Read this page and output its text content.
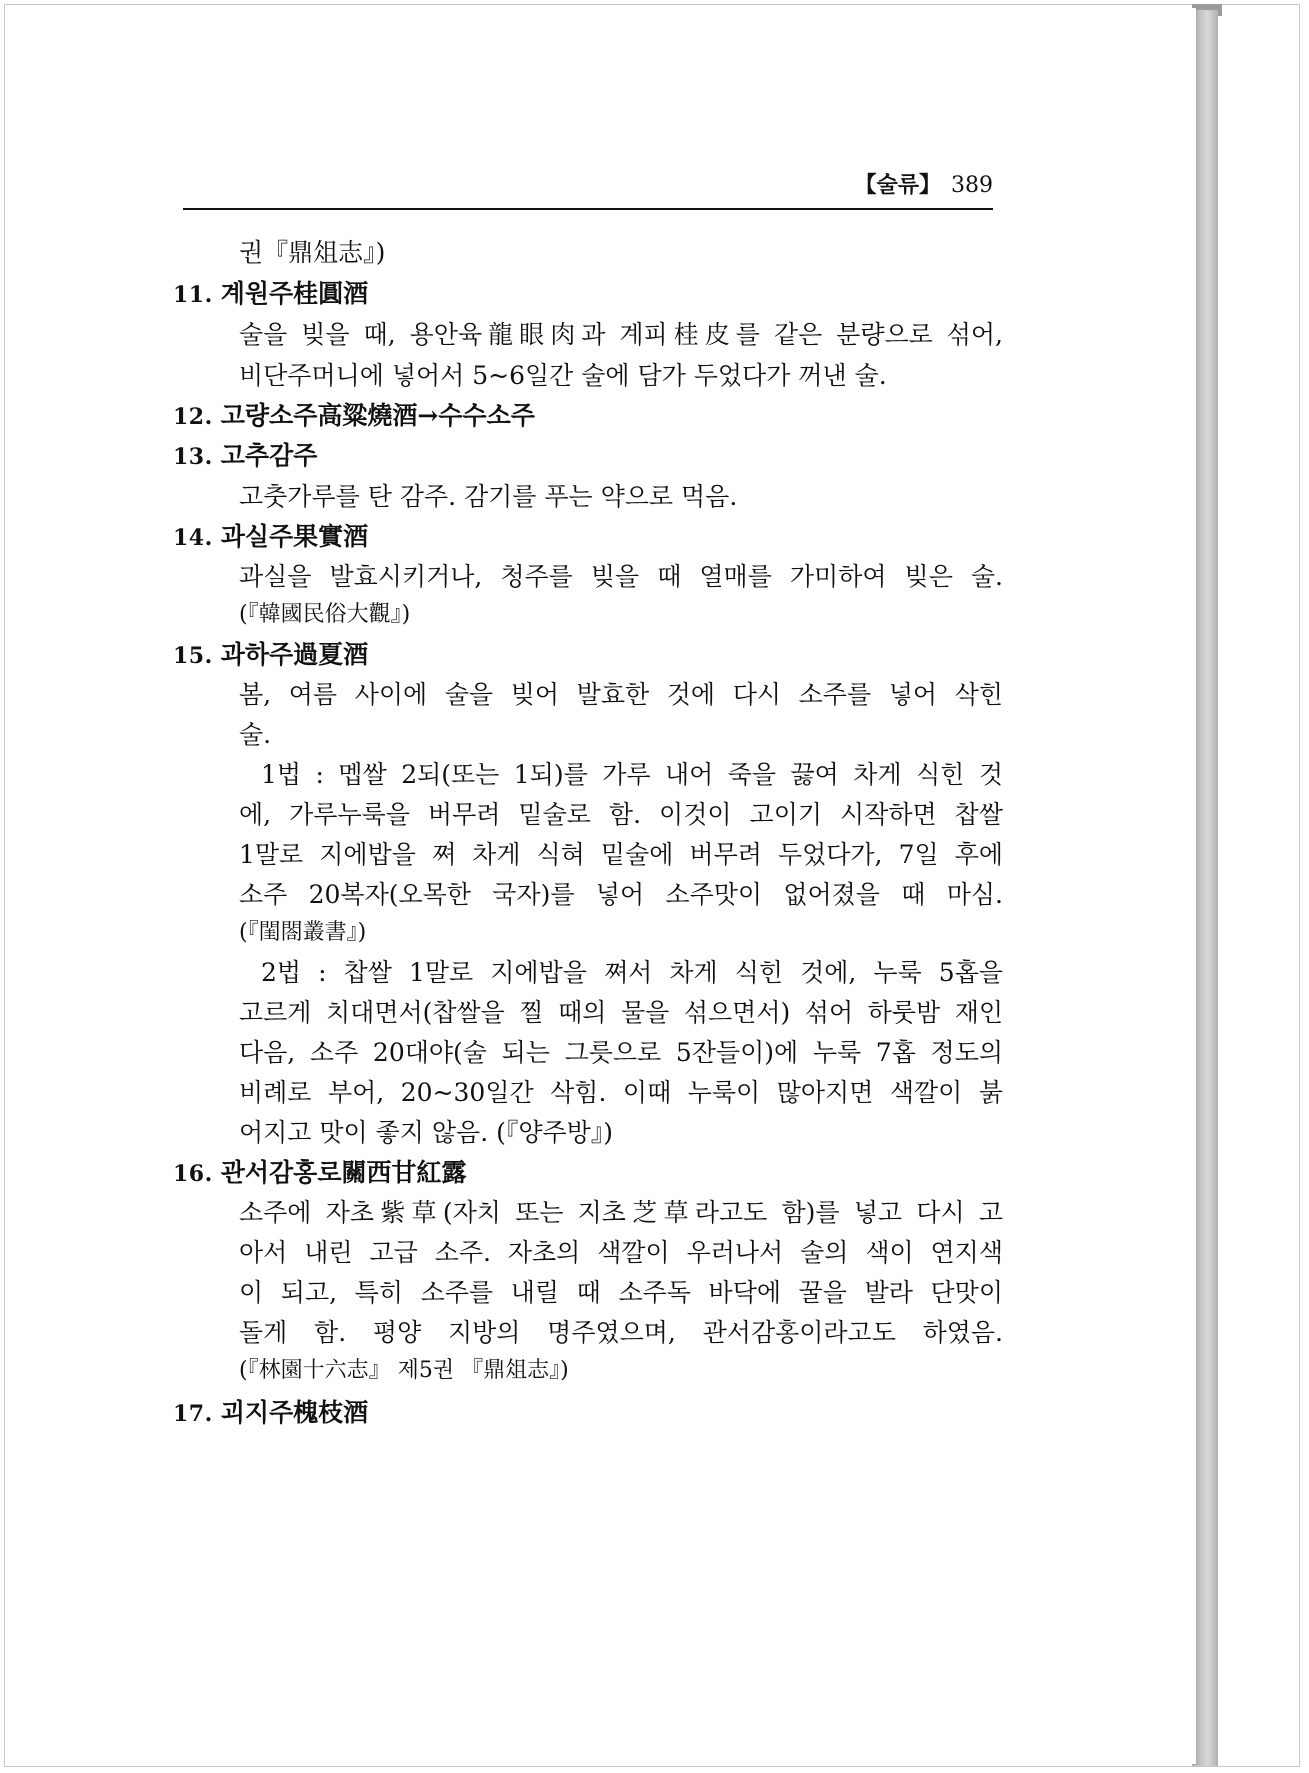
【술류】 389
권『鼎俎志』)
11. 계원주桂圓酒
술을 빚을 때, 용안육龍眼肉과 계피桂皮를 같은 분량으로 섞어,
비단주머니에 넣어서 5~6일간 술에 담가 두었다가 꺼낸 술.
12. 고량소주高粱燒酒→수수소주
13. 고추감주
고춧가루를 탄 감주. 감기를 푸는 약으로 먹음.
14. 과실주果實酒
과실을 발효시키거나, 청주를 빚을 때 열매를 가미하여 빚은 술.
(『韓國民俗大觀』)
15. 과하주過夏酒
봄, 여름 사이에 술을 빚어 발효한 것에 다시 소주를 넣어 삭힌
술.
1법 : 멥쌀 2되(또는 1되)를 가루 내어 죽을 끓여 차게 식힌 것
에, 가루누룩을 버무려 밑술로 함. 이것이 고이기 시작하면 찹쌀
1말로 지에밥을 쪄 차게 식혀 밑술에 버무려 두었다가, 7일 후에
소주 20복자(오목한 국자)를 넣어 소주맛이 없어졌을 때 마심.
(『閨閤叢書』)
2법 : 찹쌀 1말로 지에밥을 쪄서 차게 식힌 것에, 누룩 5홉을
고르게 치대면서(찹쌀을 찔 때의 물을 섞으면서) 섞어 하룻밤 재인
다음, 소주 20대야(술 되는 그릇으로 5잔들이)에 누룩 7홉 정도의
비례로 부어, 20~30일간 삭힘. 이때 누룩이 많아지면 색깔이 붉
어지고 맛이 좋지 않음. (『양주방』)
16. 관서감홍로關西甘紅露
소주에 자초紫草(자치 또는 지초芝草라고도 함)를 넣고 다시 고
아서 내린 고급 소주. 자초의 색깔이 우러나서 술의 색이 연지색
이 되고, 특히 소주를 내릴 때 소주독 바닥에 꿀을 발라 단맛이
돌게 함. 평양 지방의 명주였으며, 관서감홍이라고도 하였음.
(『林園十六志』 제5권 『鼎俎志』)
17. 괴지주槐枝酒
